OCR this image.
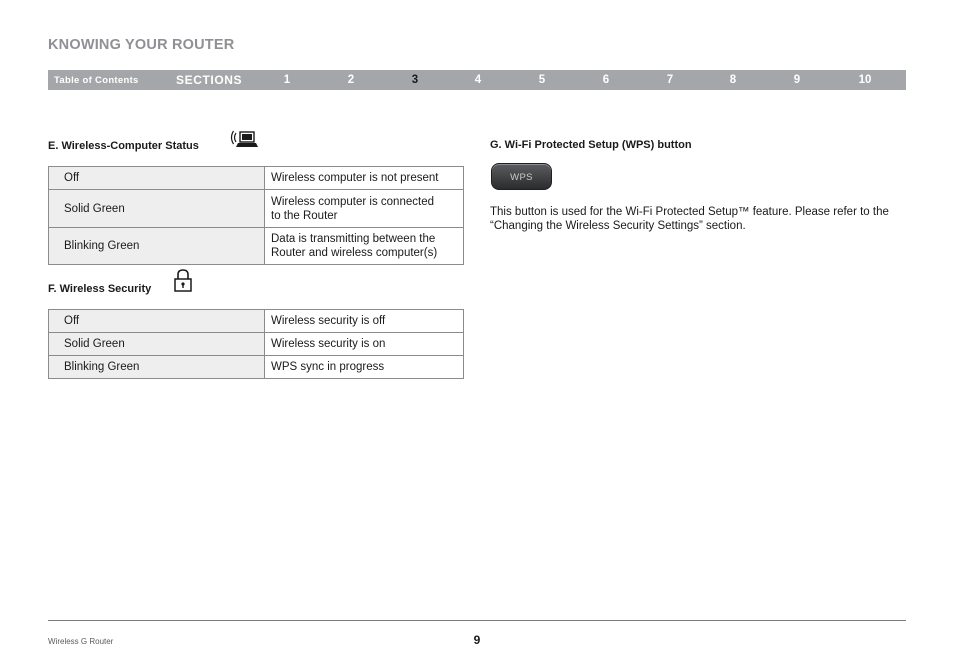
KNOWING YOUR ROUTER
Table of Contents	SECTIONS	1	2	3	4	5	6	7	8	9	10
E. Wireless-Computer Status
Off	Wireless computer is not present
Solid Green	Wireless computer is connected
to the Router
Blinking Green	Data is transmitting between the
Router and wireless computer(s)
F. Wireless Security
Off	Wireless security is off
Solid Green	Wireless security is on
Blinking Green	WPS sync in progress
G. Wi-Fi Protected Setup (WPS) button
WPS
This button is used for the Wi-Fi Protected Setup™ feature. Please refer to the “Changing the Wireless Security Settings” section.
Wireless G Router	9
